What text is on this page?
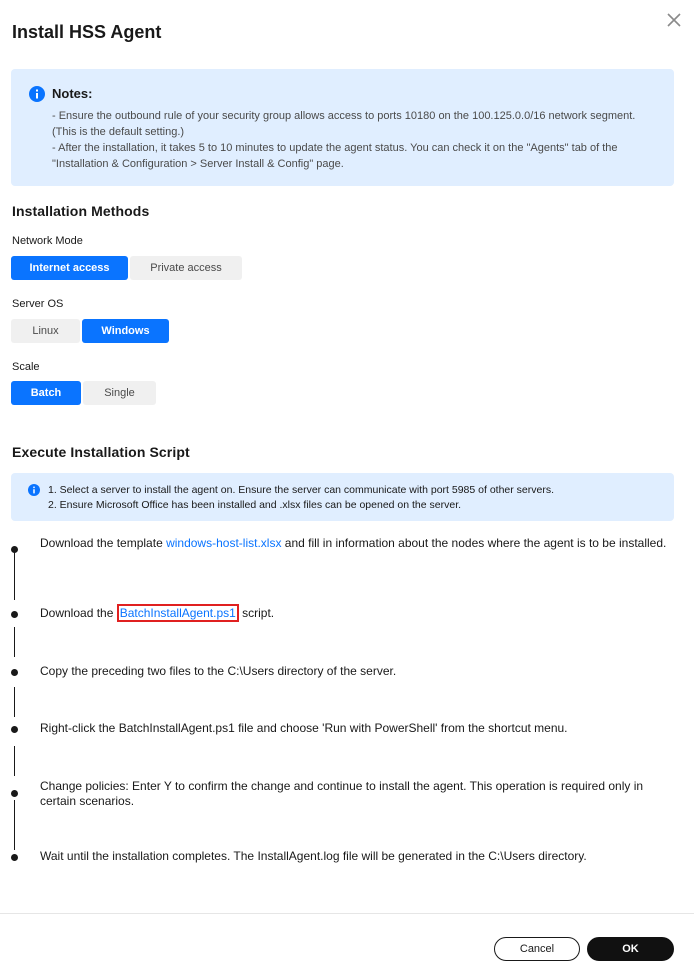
Install HSS Agent
Notes:
- Ensure the outbound rule of your security group allows access to ports 10180 on the 100.125.0.0/16 network segment. (This is the default setting.)
- After the installation, it takes 5 to 10 minutes to update the agent status. You can check it on the "Agents" tab of the "Installation & Configuration > Server Install & Config" page.
Installation Methods
Network Mode
Internet access	Private access
Server OS
Linux	Windows
Scale
Batch	Single
Execute Installation Script
1. Select a server to install the agent on. Ensure the server can communicate with port 5985 of other servers.
2. Ensure Microsoft Office has been installed and .xlsx files can be opened on the server.
Download the template windows-host-list.xlsx and fill in information about the nodes where the agent is to be installed.
Download the BatchInstallAgent.ps1 script.
Copy the preceding two files to the C:\Users directory of the server.
Right-click the BatchInstallAgent.ps1 file and choose 'Run with PowerShell' from the shortcut menu.
Change policies: Enter Y to confirm the change and continue to install the agent. This operation is required only in certain scenarios.
Wait until the installation completes. The InstallAgent.log file will be generated in the C:\Users directory.
Cancel	OK
